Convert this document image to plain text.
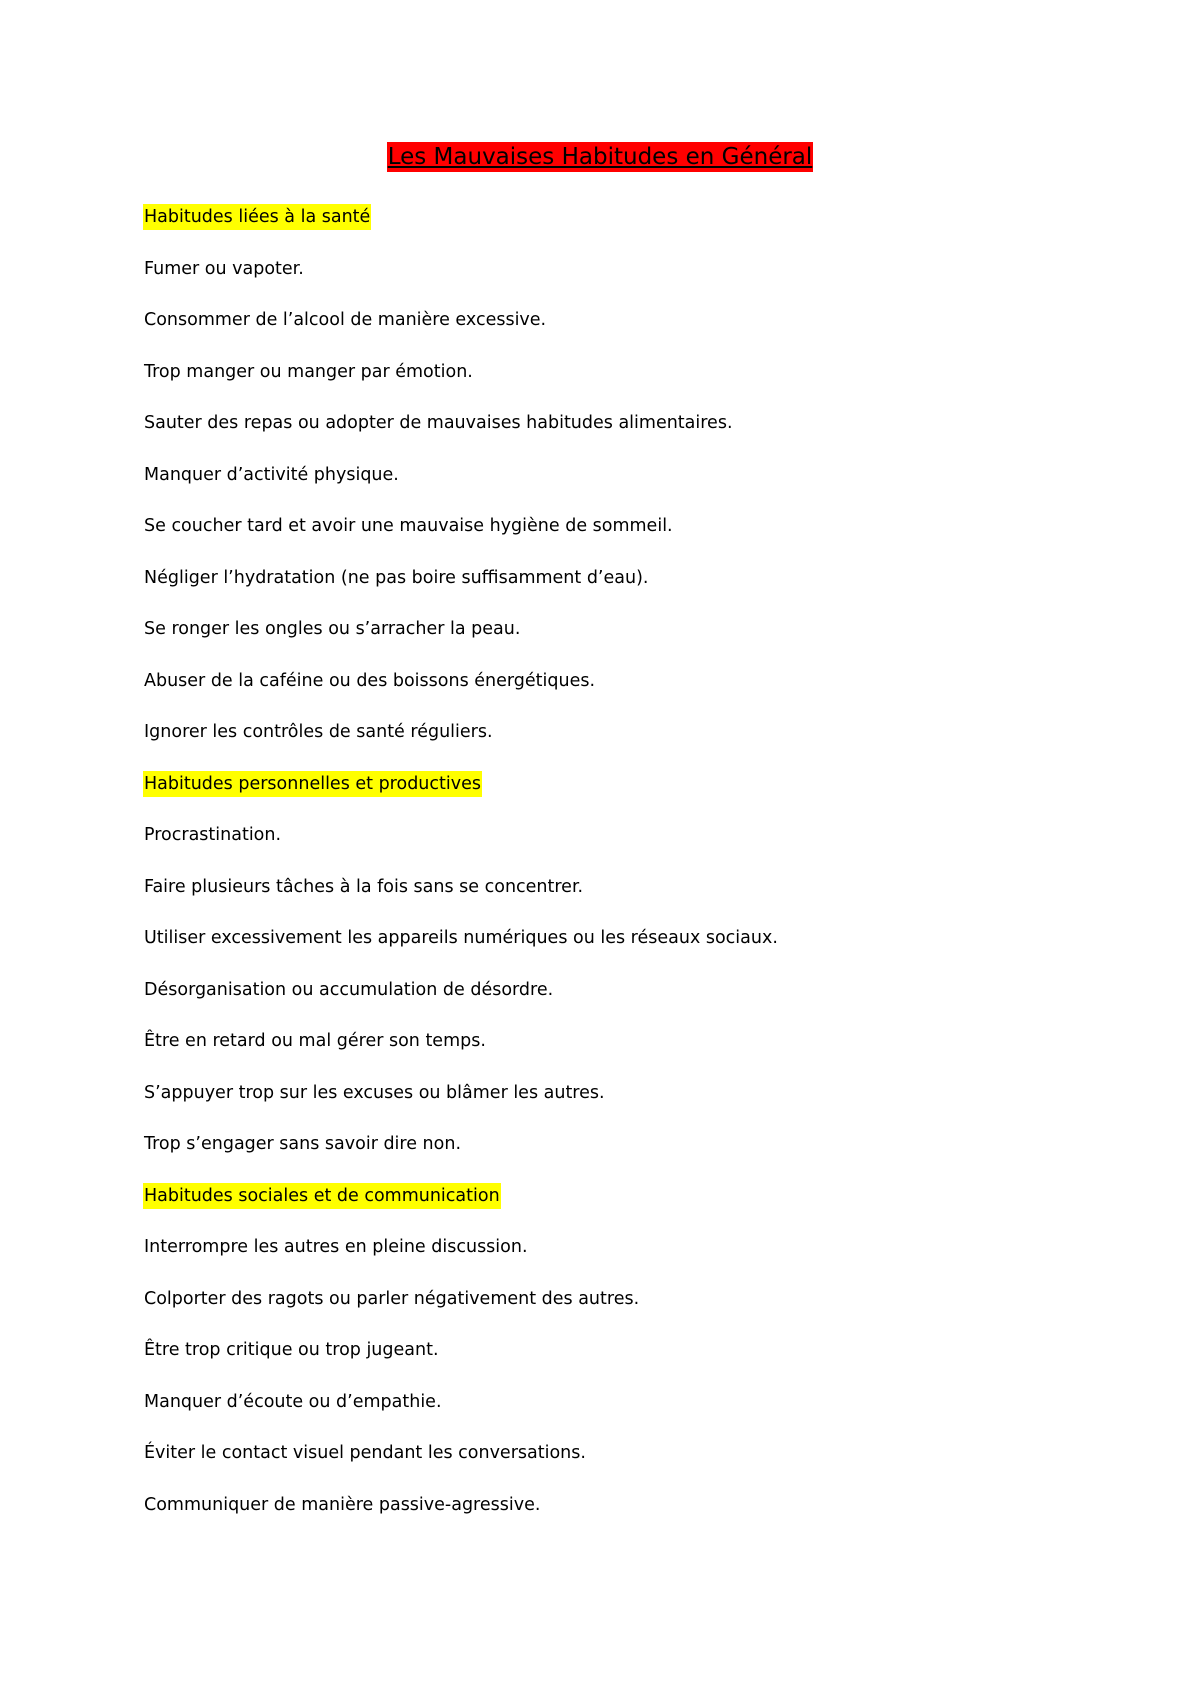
Les Mauvaises Habitudes en Général
Habitudes liées à la santé
Fumer ou vapoter.
Consommer de l’alcool de manière excessive.
Trop manger ou manger par émotion.
Sauter des repas ou adopter de mauvaises habitudes alimentaires.
Manquer d’activité physique.
Se coucher tard et avoir une mauvaise hygiène de sommeil.
Négliger l’hydratation (ne pas boire suffisamment d’eau).
Se ronger les ongles ou s’arracher la peau.
Abuser de la caféine ou des boissons énergétiques.
Ignorer les contrôles de santé réguliers.
Habitudes personnelles et productives
Procrastination.
Faire plusieurs tâches à la fois sans se concentrer.
Utiliser excessivement les appareils numériques ou les réseaux sociaux.
Désorganisation ou accumulation de désordre.
Être en retard ou mal gérer son temps.
S’appuyer trop sur les excuses ou blâmer les autres.
Trop s’engager sans savoir dire non.
Habitudes sociales et de communication
Interrompre les autres en pleine discussion.
Colporter des ragots ou parler négativement des autres.
Être trop critique ou trop jugeant.
Manquer d’écoute ou d’empathie.
Éviter le contact visuel pendant les conversations.
Communiquer de manière passive-agressive.
